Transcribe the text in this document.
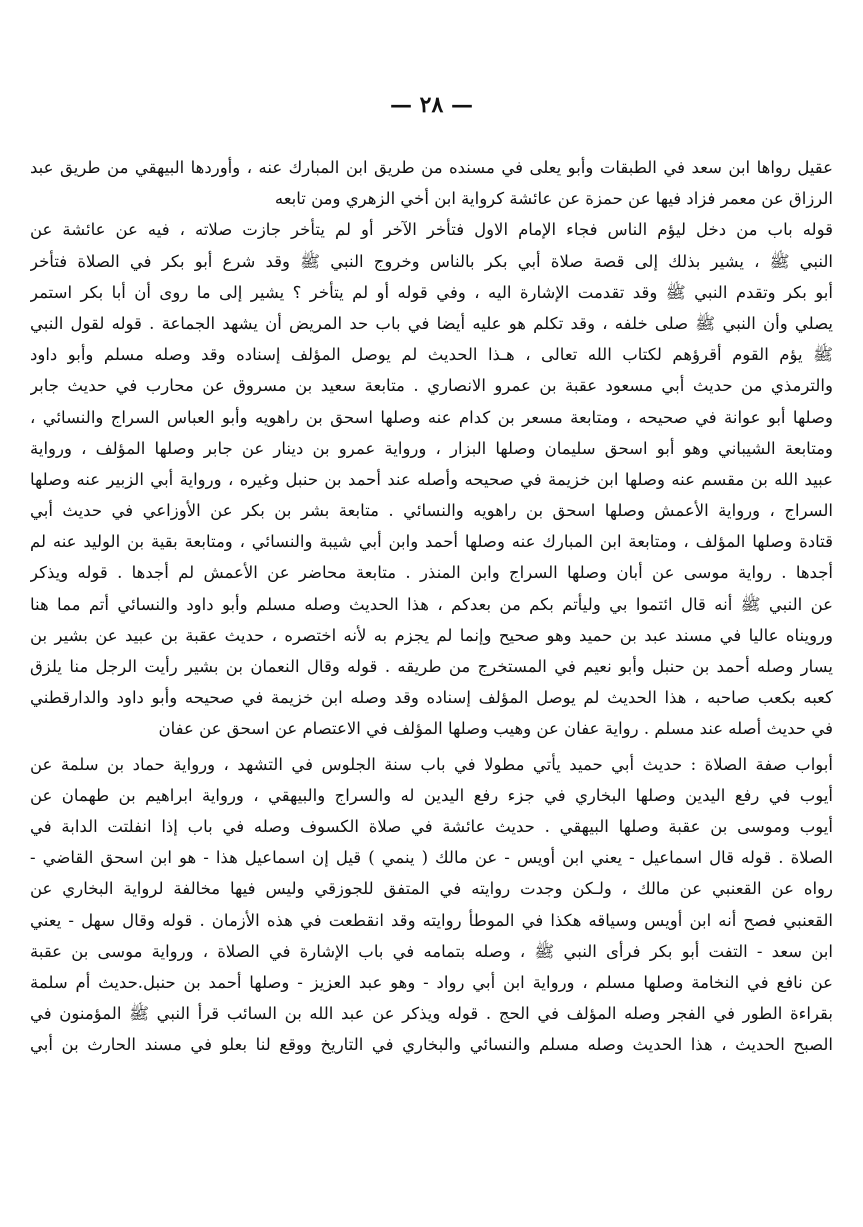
— ٢٨ —
عقيل رواها ابن سعد في الطبقات وأبو يعلى في مسنده من طريق ابن المبارك عنه ، وأوردها البيهقي من طريق عبد
الرزاق عن معمر فزاد فيها عن حمزة عن عائشة كرواية ابن أخي الزهري ومن تابعه
قوله باب من دخل ليؤم الناس فجاء الإمام الاول فتأخر الآخر أو لم يتأخر جازت صلاته ، فيه عن عائشة عن
النبي ﷺ ، يشير بذلك إلى قصة صلاة أبي بكر بالناس وخروج النبي ﷺ وقد شرع أبو بكر في الصلاة فتأخر
أبو بكر وتقدم النبي ﷺ وقد تقدمت الإشارة اليه ، وفي قوله أو لم يتأخر ؟ يشير إلى ما روى أن أبا بكر استمر
يصلي وأن النبي ﷺ صلى خلفه ، وقد تكلم هو عليه أيضا في باب حد المريض أن يشهد الجماعة . قوله لقول النبي
ﷺ يؤم القوم أقرؤهم لكتاب الله تعالى ، هـذا الحديث لم يوصل المؤلف إسناده وقد وصله مسلم وأبو داود
والترمذي من حديث أبي مسعود عقبة بن عمرو الانصاري . متابعة سعيد بن مسروق عن محارب في حديث جابر
وصلها أبو عوانة في صحيحه ، ومتابعة مسعر بن كدام عنه وصلها اسحق بن راهويه وأبو العباس السراج والنسائي ،
ومتابعة الشيباني وهو أبو اسحق سليمان وصلها البزار ، ورواية عمرو بن دينار عن جابر وصلها المؤلف ، ورواية
عبيد الله بن مقسم عنه وصلها ابن خزيمة في صحيحه وأصله عند أحمد بن حنبل وغيره ، ورواية أبي الزبير عنه وصلها
السراج ، ورواية الأعمش وصلها اسحق بن راهويه والنسائي . متابعة بشر بن بكر عن الأوزاعي في حديث أبي
قتادة وصلها المؤلف ، ومتابعة ابن المبارك عنه وصلها أحمد وابن أبي شيبة والنسائي ، ومتابعة بقية بن الوليد عنه لم
أجدها . رواية موسى عن أبان وصلها السراج وابن المنذر . متابعة محاضر عن الأعمش لم أجدها . قوله ويذكر
عن النبي ﷺ أنه قال ائتموا بي وليأتم بكم من بعدكم ، هذا الحديث وصله مسلم وأبو داود والنسائي أتم مما هنا
ورويناه عاليا في مسند عبد بن حميد وهو صحيح وإنما لم يجزم به لأنه اختصره ، حديث عقبة بن عبيد عن بشير بن
يسار وصله أحمد بن حنبل وأبو نعيم في المستخرج من طريقه . قوله وقال النعمان بن بشير رأيت الرجل منا يلزق
كعبه بكعب صاحبه ، هذا الحديث لم يوصل المؤلف إسناده وقد وصله ابن خزيمة في صحيحه وأبو داود والدارقطني
في حديث أصله عند مسلم . رواية عفان عن وهيب وصلها المؤلف في الاعتصام عن اسحق عن عفان
أبواب صفة الصلاة : حديث أبي حميد يأتي مطولا في باب سنة الجلوس في التشهد ، ورواية حماد بن سلمة عن
أيوب في رفع اليدين وصلها البخاري في جزء رفع اليدين له والسراج والبيهقي ، ورواية ابراهيم بن طهمان عن
أيوب وموسى بن عقبة وصلها البيهقي . حديث عائشة في صلاة الكسوف وصله في باب إذا انفلتت الدابة في
الصلاة . قوله قال اسماعيل - يعني ابن أويس - عن مالك ( ينمي ) قيل إن اسماعيل هذا - هو ابن اسحق القاضي -
رواه عن القعنبي عن مالك ، ولـكن وجدت روايته في المتفق للجوزقي وليس فيها مخالفة لرواية البخاري عن
القعنبي فصح أنه ابن أويس وسياقه هكذا في الموطأ روايته وقد انقطعت في هذه الأزمان . قوله وقال سهل - يعني
ابن سعد - التفت أبو بكر فرأى النبي ﷺ ، وصله بتمامه في باب الإشارة في الصلاة ، ورواية موسى بن عقبة
عن نافع في النخامة وصلها مسلم ، ورواية ابن أبي رواد - وهو عبد العزيز - وصلها أحمد بن حنبل.حديث أم سلمة
بقراءة الطور في الفجر وصله المؤلف في الحج . قوله ويذكر عن عبد الله بن السائب قرأ النبي ﷺ المؤمنون في
الصبح الحديث ، هذا الحديث وصله مسلم والنسائي والبخاري في التاريخ ووقع لنا بعلو في مسند الحارث بن أبي
